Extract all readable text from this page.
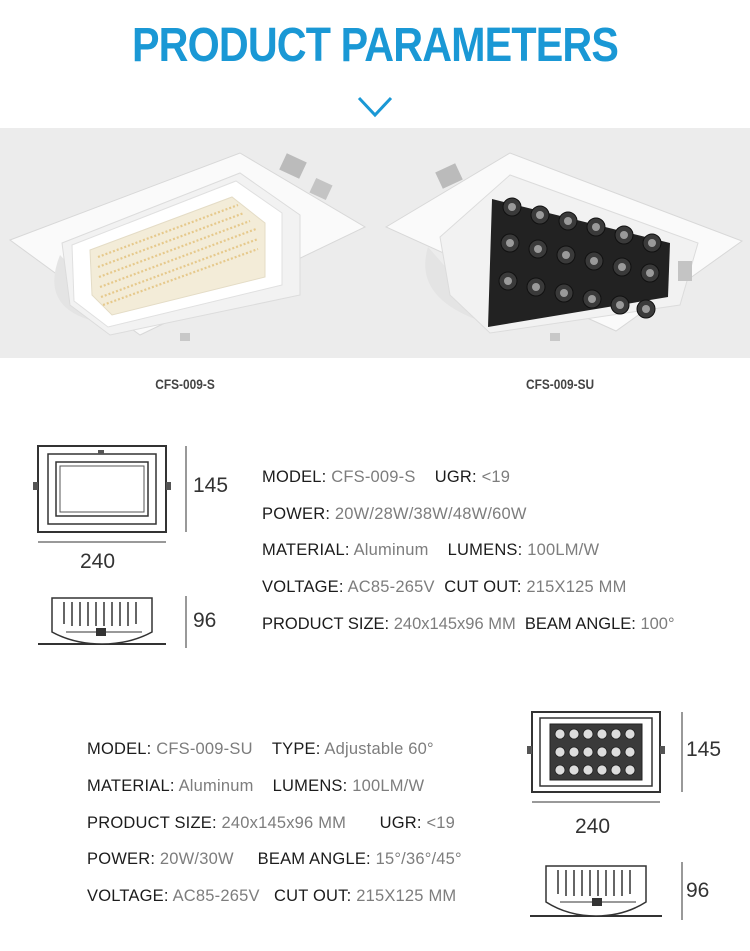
PRODUCT PARAMETERS
CFS-009-S	CFS-009-SU
145
240
96
MODEL: CFS-009-S UGR: <19
POWER: 20W/28W/38W/48W/60W
MATERIAL: Aluminum LUMENS: 100LM/W
VOLTAGE: AC85-265V CUT OUT: 215X125 MM
PRODUCT SIZE: 240x145x96 MM BEAM ANGLE: 100°
MODEL: CFS-009-SU TYPE: Adjustable 60°
MATERIAL: Aluminum LUMENS: 100LM/W
PRODUCT SIZE: 240x145x96 MM UGR: <19
POWER: 20W/30W BEAM ANGLE: 15°/36°/45°
VOLTAGE: AC85-265V CUT OUT: 215X125 MM
145
240
96
